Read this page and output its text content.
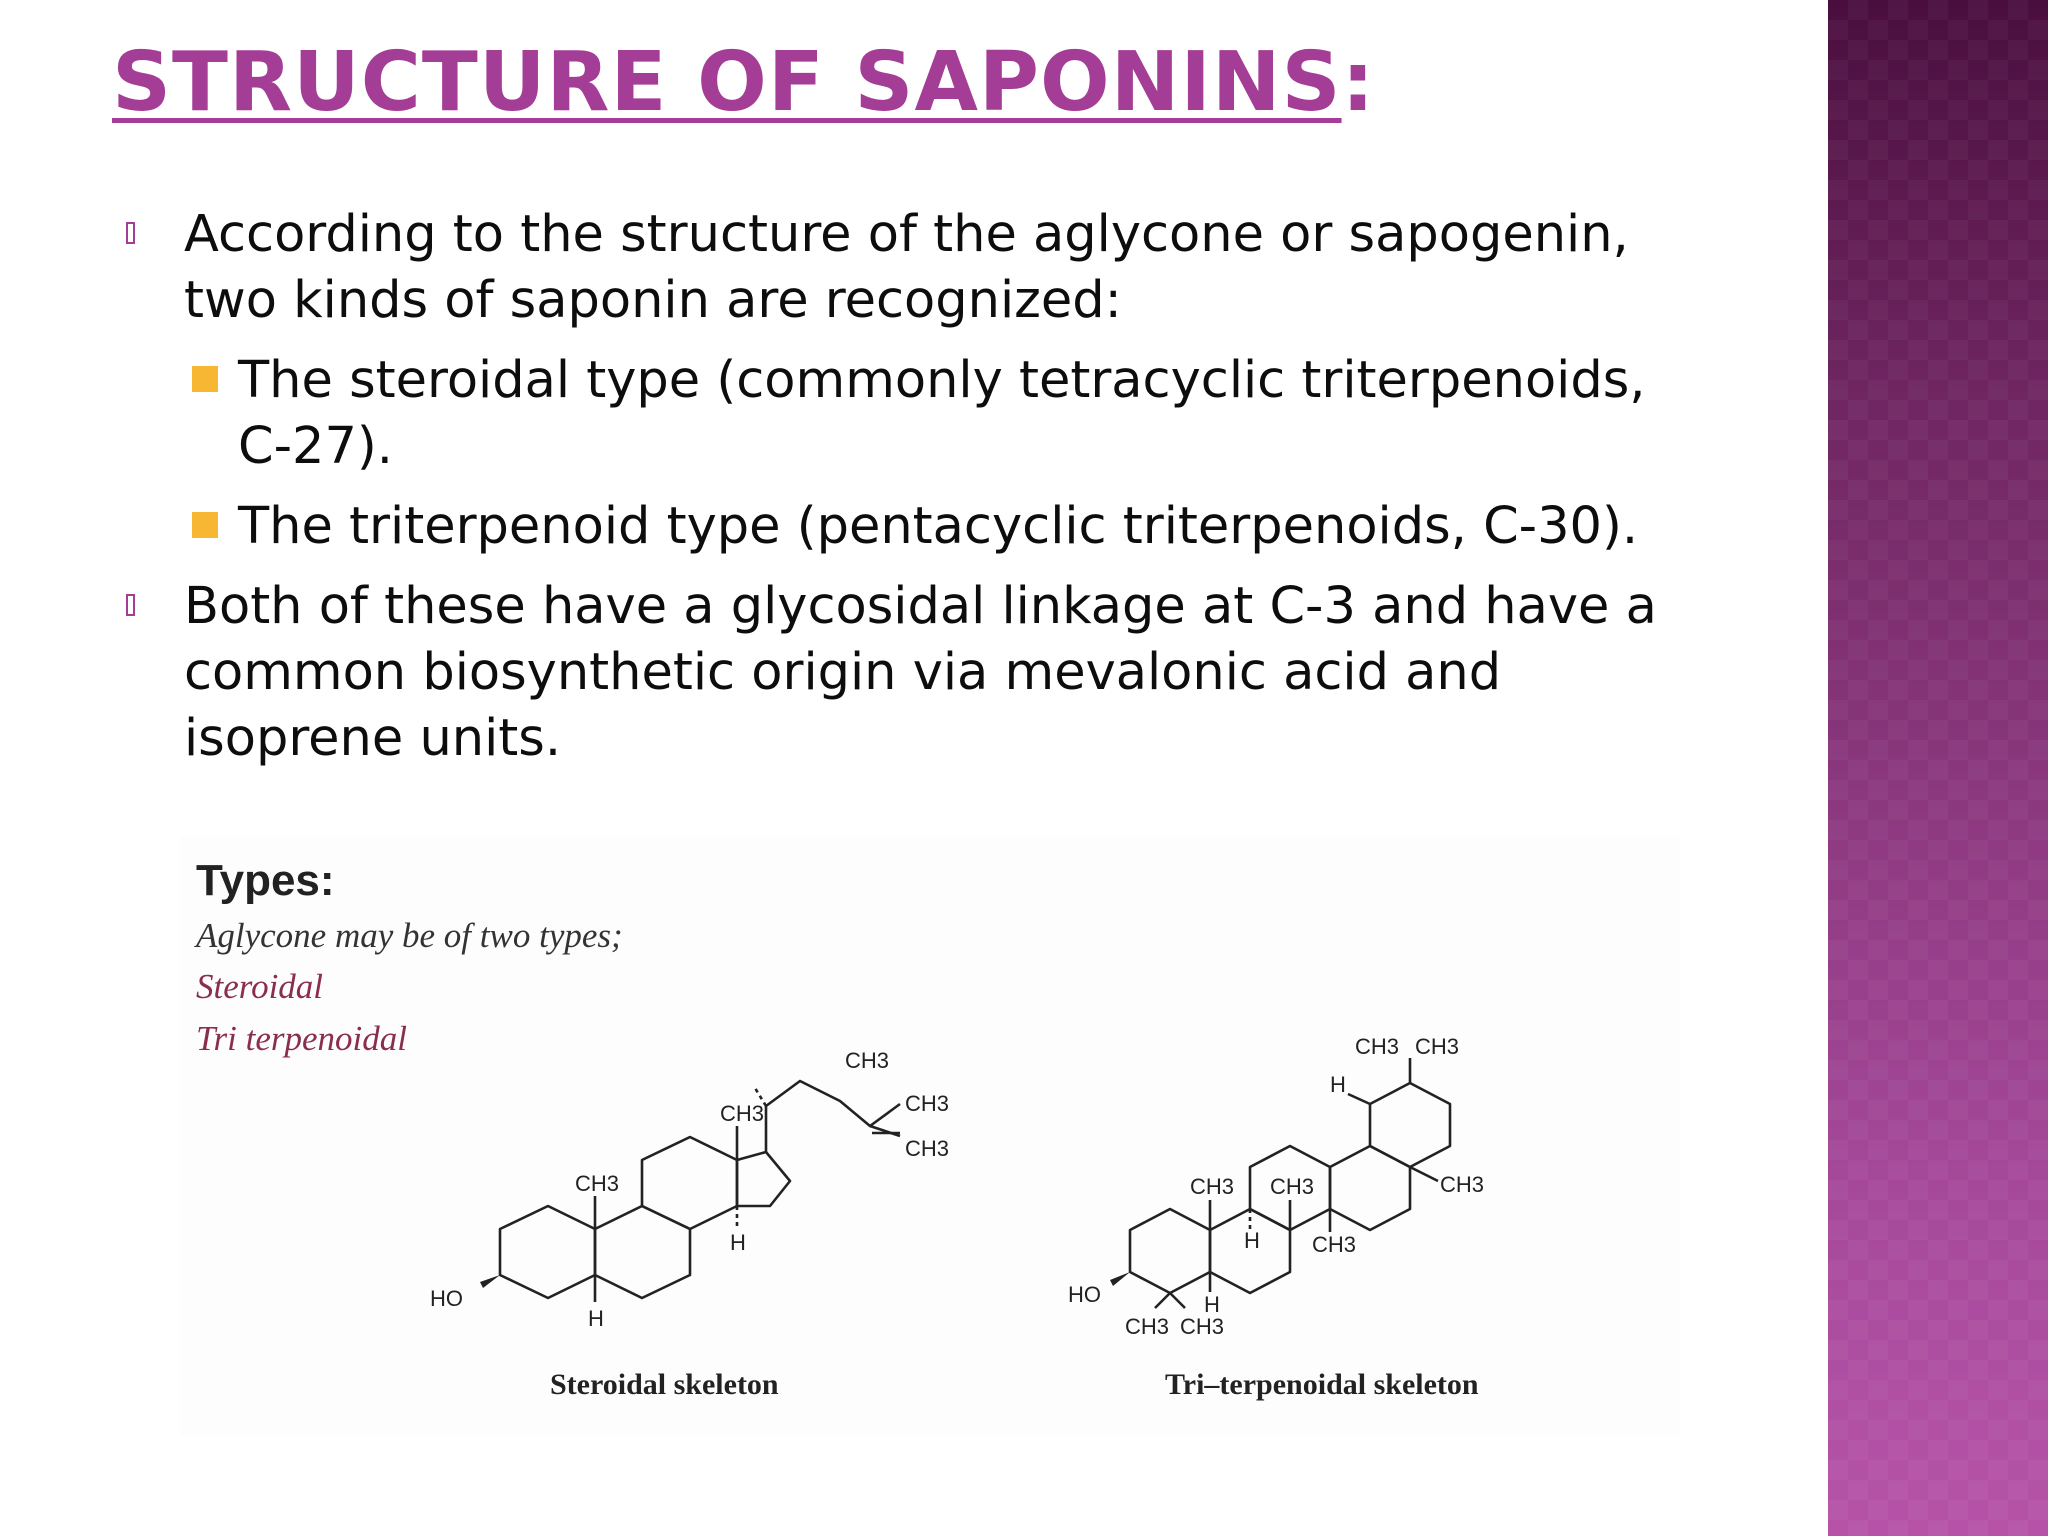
STRUCTURE OF SAPONINS:
According to the structure of the aglycone or sapogenin, two kinds of saponin are recognized:
The steroidal type (commonly tetracyclic triterpenoids, C-27).
The triterpenoid type (pentacyclic triterpenoids, C-30).
Both of these have a glycosidal linkage at C-3 and have a common biosynthetic origin via mevalonic acid and isoprene units.
HO
H
H
CH3
CH3
CH3
CH3
CH3
Steroidal skeleton
HO	H
H
H
CH3 CH3
CH3
CH3
CH3 CH3
CH3 CH3
Tri–terpenoidal skeleton
Types:
Aglycone may be of two types;
Steroidal
Tri terpenoidal
